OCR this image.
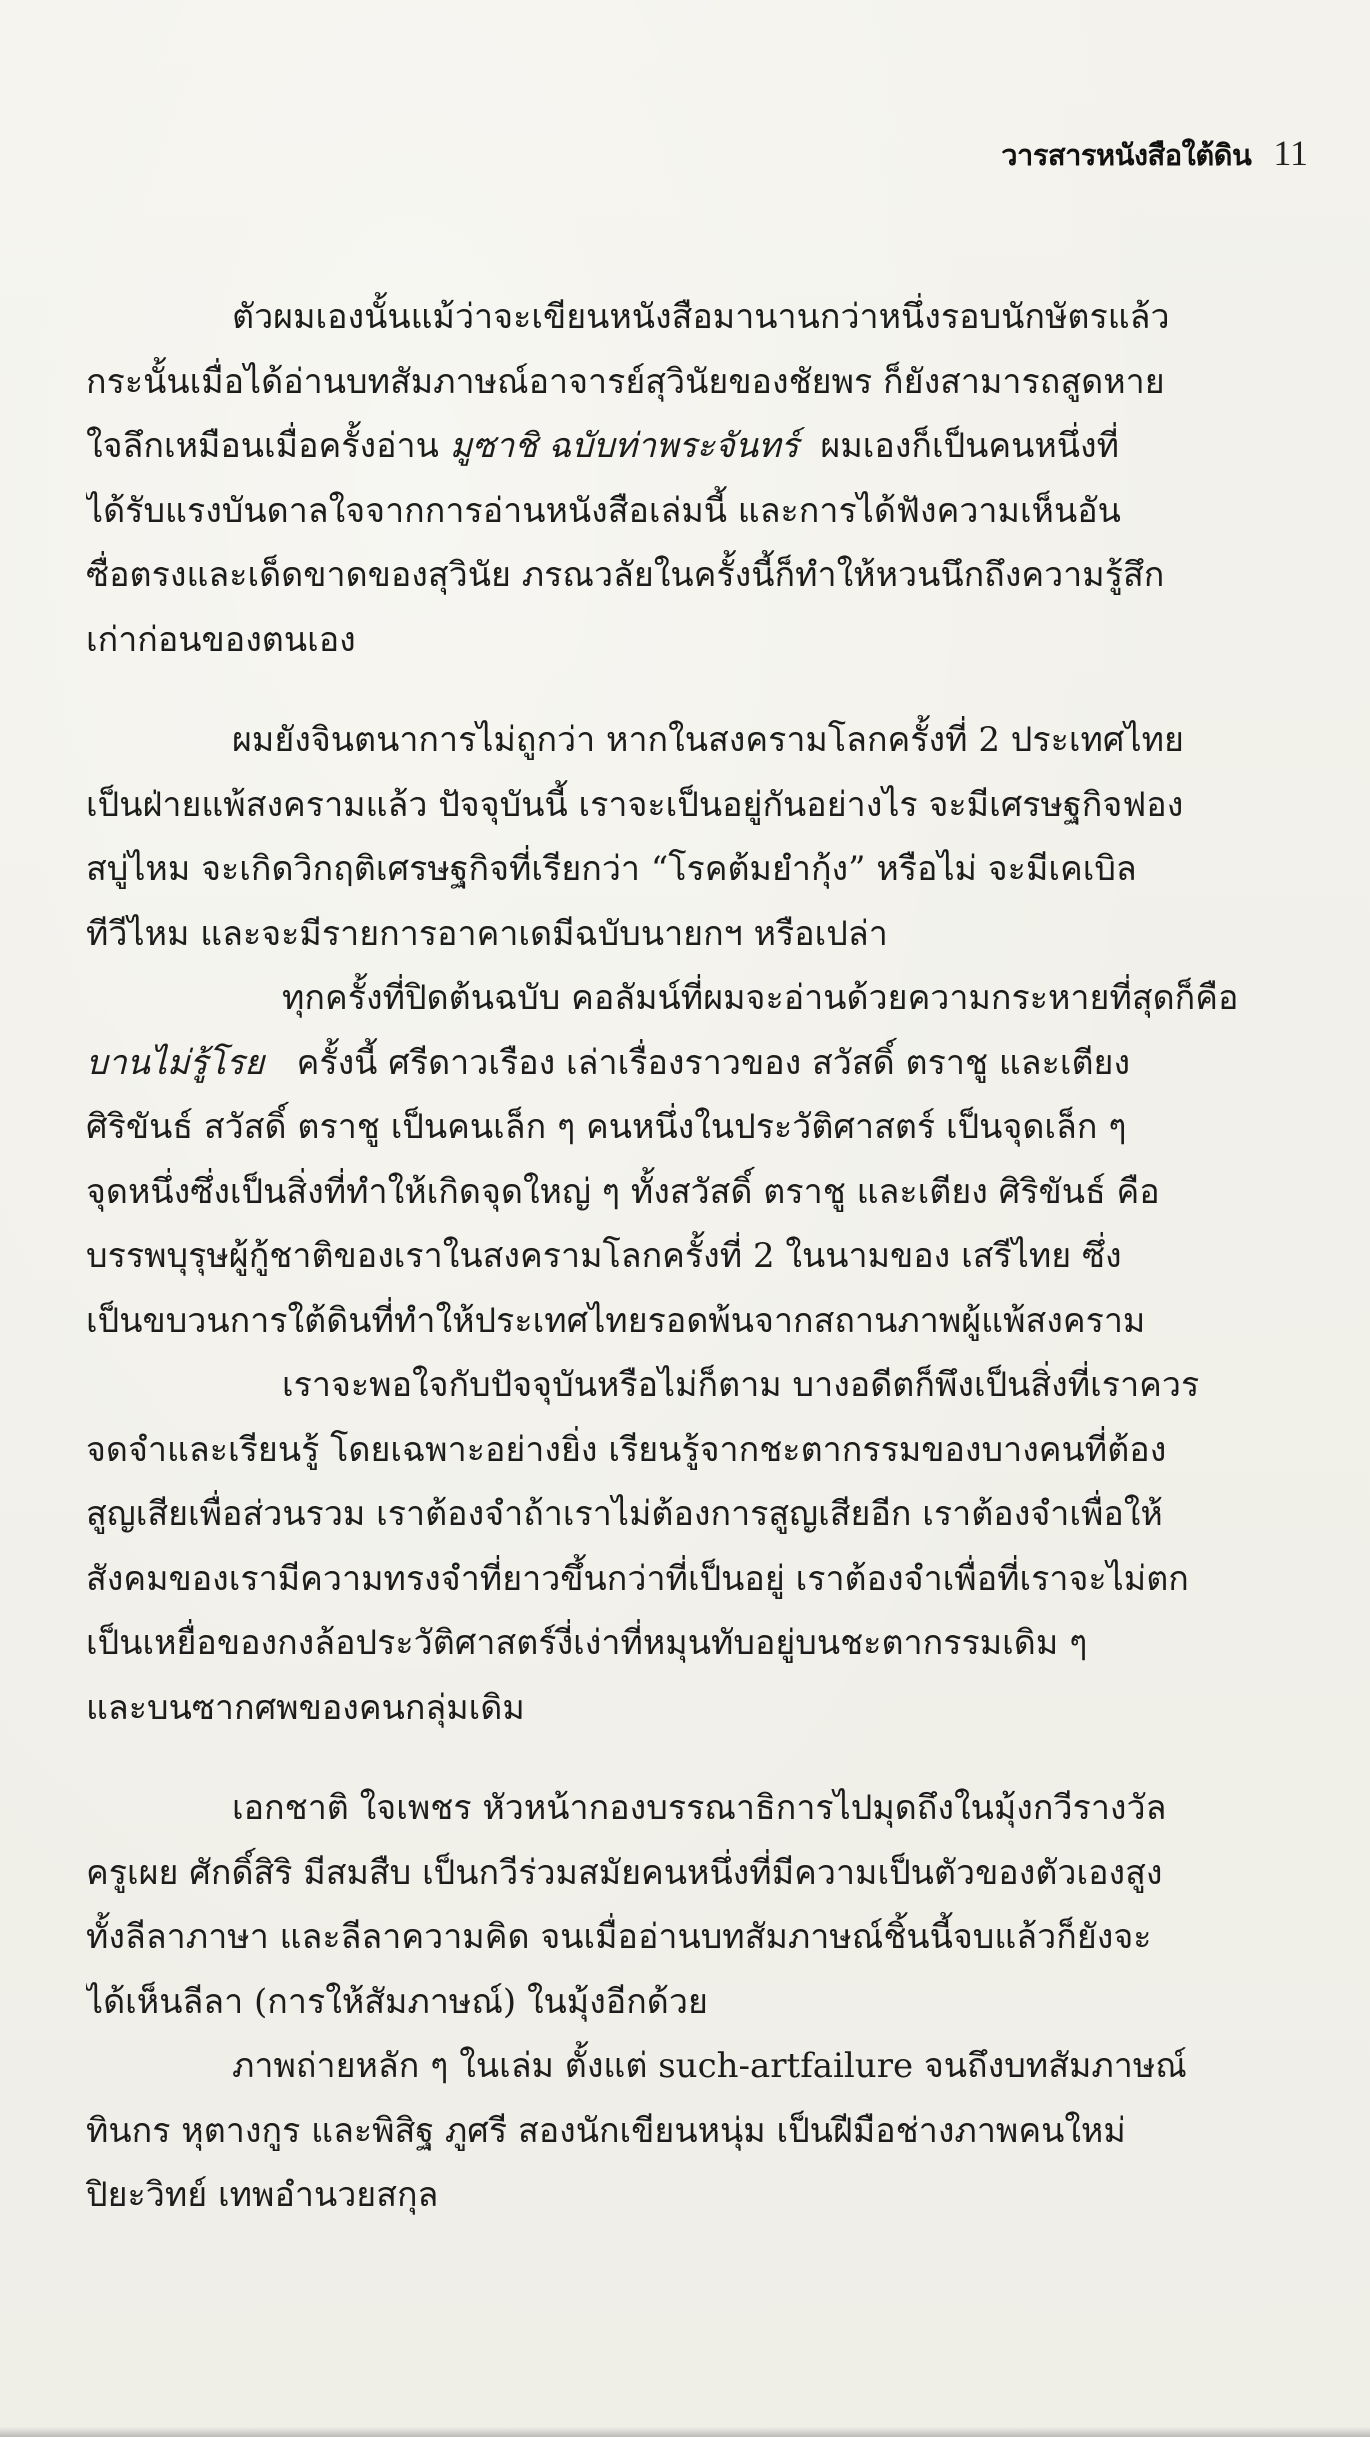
วารสารหนังสือใต้ดิน 11
ตัวผมเองนั้นแม้ว่าจะเขียนหนังสือมานานกว่าหนึ่งรอบนักษัตรแล้ว
กระนั้นเมื่อได้อ่านบทสัมภาษณ์อาจารย์สุวินัยของชัยพร ก็ยังสามารถสูดหาย
ใจลึกเหมือนเมื่อครั้งอ่าน มูซาชิ ฉบับท่าพระจันทร์ ผมเองก็เป็นคนหนึ่งที่
ได้รับแรงบันดาลใจจากการอ่านหนังสือเล่มนี้ และการได้ฟังความเห็นอัน
ซื่อตรงและเด็ดขาดของสุวินัย ภรณวลัยในครั้งนี้ก็ทำให้หวนนึกถึงความรู้สึก
เก่าก่อนของตนเอง
ผมยังจินตนาการไม่ถูกว่า หากในสงครามโลกครั้งที่ 2 ประเทศไทย
เป็นฝ่ายแพ้สงครามแล้ว ปัจจุบันนี้ เราจะเป็นอยู่กันอย่างไร จะมีเศรษฐกิจฟอง
สบู่ไหม จะเกิดวิกฤติเศรษฐกิจที่เรียกว่า “โรคต้มยำกุ้ง” หรือไม่ จะมีเคเบิล
ทีวีไหม และจะมีรายการอาคาเดมีฉบับนายกฯ หรือเปล่า
ทุกครั้งที่ปิดต้นฉบับ คอลัมน์ที่ผมจะอ่านด้วยความกระหายที่สุดก็คือ
บานไม่รู้โรย ครั้งนี้ ศรีดาวเรือง เล่าเรื่องราวของ สวัสดิ์ ตราชู และเตียง
ศิริขันธ์ สวัสดิ์ ตราชู เป็นคนเล็ก ๆ คนหนึ่งในประวัติศาสตร์ เป็นจุดเล็ก ๆ
จุดหนึ่งซึ่งเป็นสิ่งที่ทำให้เกิดจุดใหญ่ ๆ ทั้งสวัสดิ์ ตราชู และเตียง ศิริขันธ์ คือ
บรรพบุรุษผู้กู้ชาติของเราในสงครามโลกครั้งที่ 2 ในนามของ เสรีไทย ซึ่ง
เป็นขบวนการใต้ดินที่ทำให้ประเทศไทยรอดพ้นจากสถานภาพผู้แพ้สงคราม
เราจะพอใจกับปัจจุบันหรือไม่ก็ตาม บางอดีตก็พึงเป็นสิ่งที่เราควร
จดจำและเรียนรู้ โดยเฉพาะอย่างยิ่ง เรียนรู้จากชะตากรรมของบางคนที่ต้อง
สูญเสียเพื่อส่วนรวม เราต้องจำถ้าเราไม่ต้องการสูญเสียอีก เราต้องจำเพื่อให้
สังคมของเรามีความทรงจำที่ยาวขึ้นกว่าที่เป็นอยู่ เราต้องจำเพื่อที่เราจะไม่ตก
เป็นเหยื่อของกงล้อประวัติศาสตร์งี่เง่าที่หมุนทับอยู่บนชะตากรรมเดิม ๆ
และบนซากศพของคนกลุ่มเดิม
เอกชาติ ใจเพชร หัวหน้ากองบรรณาธิการไปมุดถึงในมุ้งกวีรางวัล
ครูเผย ศักดิ์สิริ มีสมสืบ เป็นกวีร่วมสมัยคนหนึ่งที่มีความเป็นตัวของตัวเองสูง
ทั้งลีลาภาษา และลีลาความคิด จนเมื่ออ่านบทสัมภาษณ์ชิ้นนี้จบแล้วก็ยังจะ
ได้เห็นลีลา (การให้สัมภาษณ์) ในมุ้งอีกด้วย
ภาพถ่ายหลัก ๆ ในเล่ม ตั้งแต่ such-artfailure จนถึงบทสัมภาษณ์
ทินกร หุตางกูร และพิสิฐ ภูศรี สองนักเขียนหนุ่ม เป็นฝีมือช่างภาพคนใหม่
ปิยะวิทย์ เทพอำนวยสกุล
